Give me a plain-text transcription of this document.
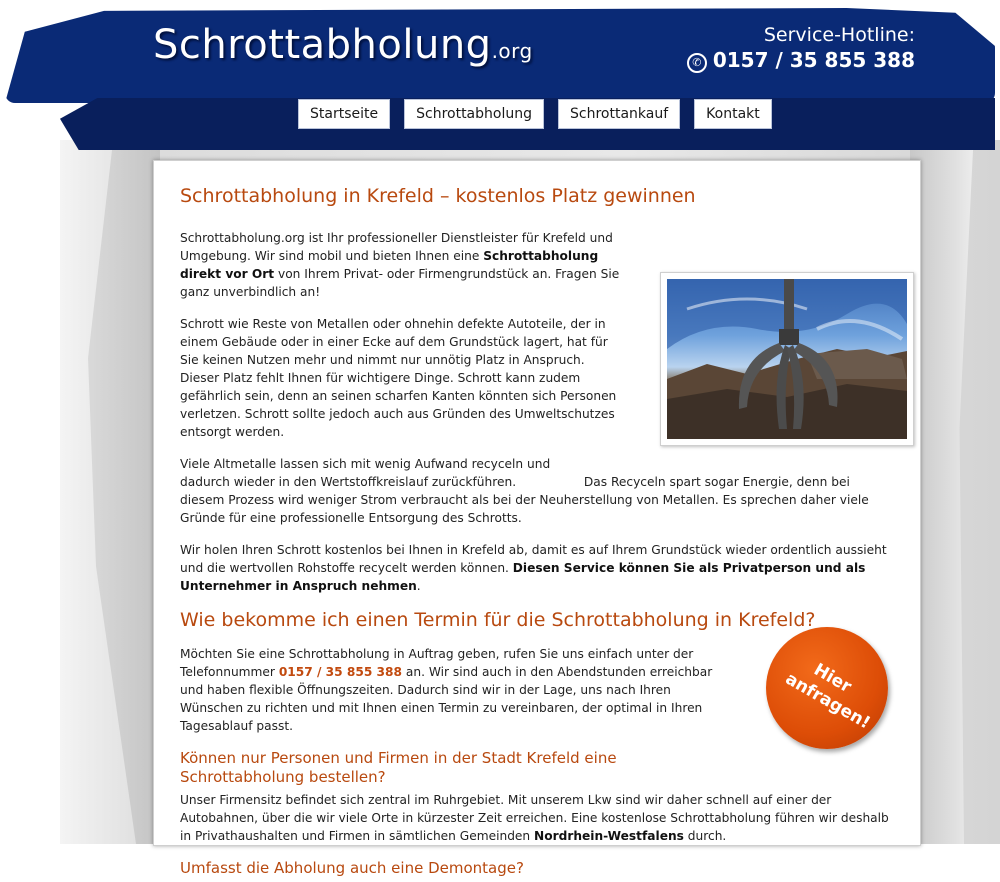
Schrottabholung.org
Service-Hotline:
✆ 0157 / 35 855 388
Startseite	Schrottabholung	Schrottankauf	Kontakt
Schrottabholung in Krefeld – kostenlos Platz gewinnen

Schrottabholung.org ist Ihr professioneller Dienstleister für Krefeld und Umgebung. Wir sind mobil und bieten Ihnen eine Schrottabholung direkt vor Ort von Ihrem Privat- oder Firmengrundstück an. Fragen Sie ganz unverbindlich an!

Schrott wie Reste von Metallen oder ohnehin defekte Autoteile, der in einem Gebäude oder in einer Ecke auf dem Grundstück lagert, hat für Sie keinen Nutzen mehr und nimmt nur unnötig Platz in Anspruch. Dieser Platz fehlt Ihnen für wichtigere Dinge. Schrott kann zudem gefährlich sein, denn an seinen scharfen Kanten könnten sich Personen verletzen. Schrott sollte jedoch auch aus Gründen des Umweltschutzes entsorgt werden.

Viele Altmetalle lassen sich mit wenig Aufwand recyceln und dadurch wieder in den Wertstoffkreislauf zurückführen.	Das Recyceln spart sogar Energie, denn bei diesem Prozess wird weniger Strom verbraucht als bei der Neuherstellung von Metallen. Es sprechen daher viele Gründe für eine professionelle Entsorgung des Schrotts.

Wir holen Ihren Schrott kostenlos bei Ihnen in Krefeld ab, damit es auf Ihrem Grundstück wieder ordentlich aussieht und die wertvollen Rohstoffe recycelt werden können. Diesen Service können Sie als Privatperson und als Unternehmer in Anspruch nehmen.

Wie bekomme ich einen Termin für die Schrottabholung in Krefeld?

Möchten Sie eine Schrottabholung in Auftrag geben, rufen Sie uns einfach unter der Telefonnummer 0157 / 35 855 388 an. Wir sind auch in den Abendstunden erreichbar und haben flexible Öffnungszeiten. Dadurch sind wir in der Lage, uns nach Ihren Wünschen zu richten und mit Ihnen einen Termin zu vereinbaren, der optimal in Ihren Tagesablauf passt.

Können nur Personen und Firmen in der Stadt Krefeld eine Schrottabholung bestellen?

Unser Firmensitz befindet sich zentral im Ruhrgebiet. Mit unserem Lkw sind wir daher schnell auf einer der Autobahnen, über die wir viele Orte in kürzester Zeit erreichen. Eine kostenlose Schrottabholung führen wir deshalb in Privathaushalten und Firmen in sämtlichen Gemeinden Nordrhein-Westfalens durch.

Umfasst die Abholung auch eine Demontage?
Hier anfragen!
